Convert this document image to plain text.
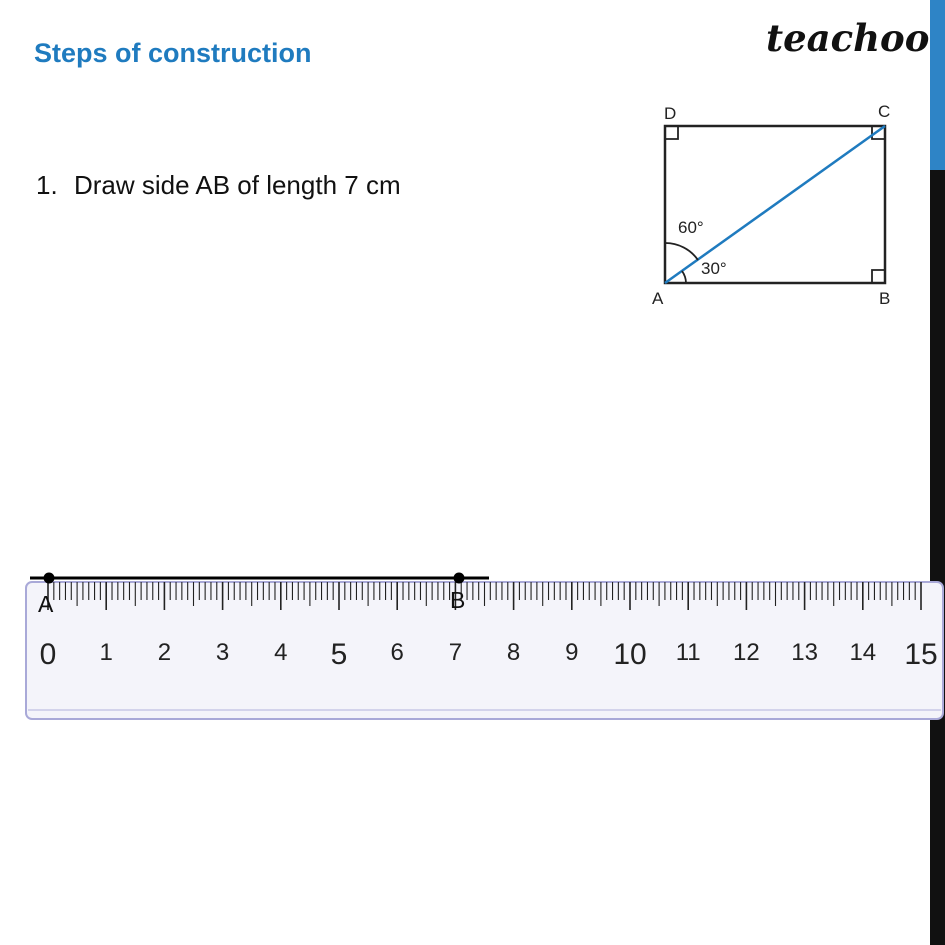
Steps of construction	teachoo
1. Draw side AB of length 7 cm
D	C
A	B
60°
30°
0 1 2 3 4 5 6 7 8 9 10 11 12 13 14 15
A	B
